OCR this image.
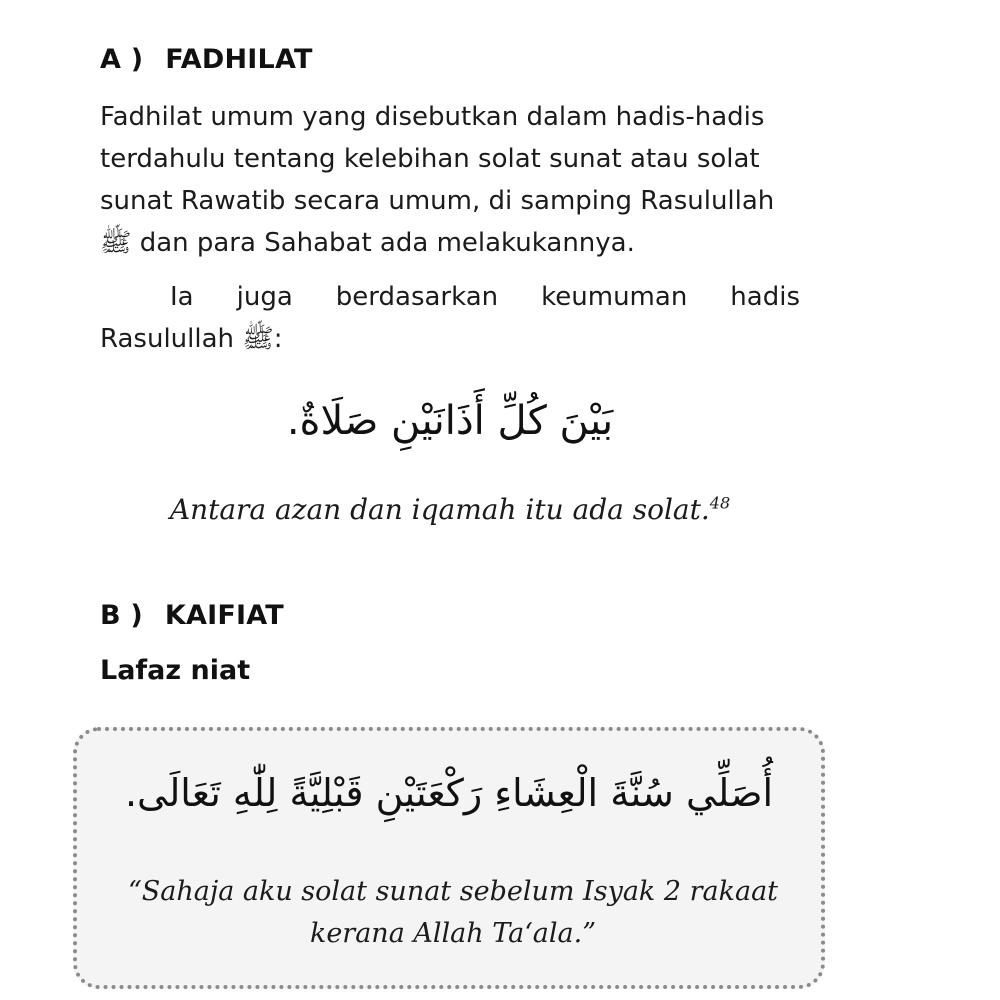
A ) FADHILAT

Fadhilat umum yang disebutkan dalam hadis-hadis terdahulu tentang kelebihan solat sunat atau solat sunat Rawatib secara umum, di samping Rasulullah
ﷺ dan para Sahabat ada melakukannya.

Ia juga berdasarkan keumuman hadis Rasulullah ﷺ:

بَيْنَ كُلِّ أَذَانَيْنِ صَلَاةٌ.
Antara azan dan iqamah itu ada solat.$^{48}$
B ) KAIFIAT
Lafaz niat
أُصَلِّي سُنَّةَ الْعِشَاءِ رَكْعَتَيْنِ قَبْلِيَّةً لِلّٰهِ تَعَالَى.
“Sahaja aku solat sunat sebelum Isyak 2 rakaat kerana Allah Ta‘ala.”
